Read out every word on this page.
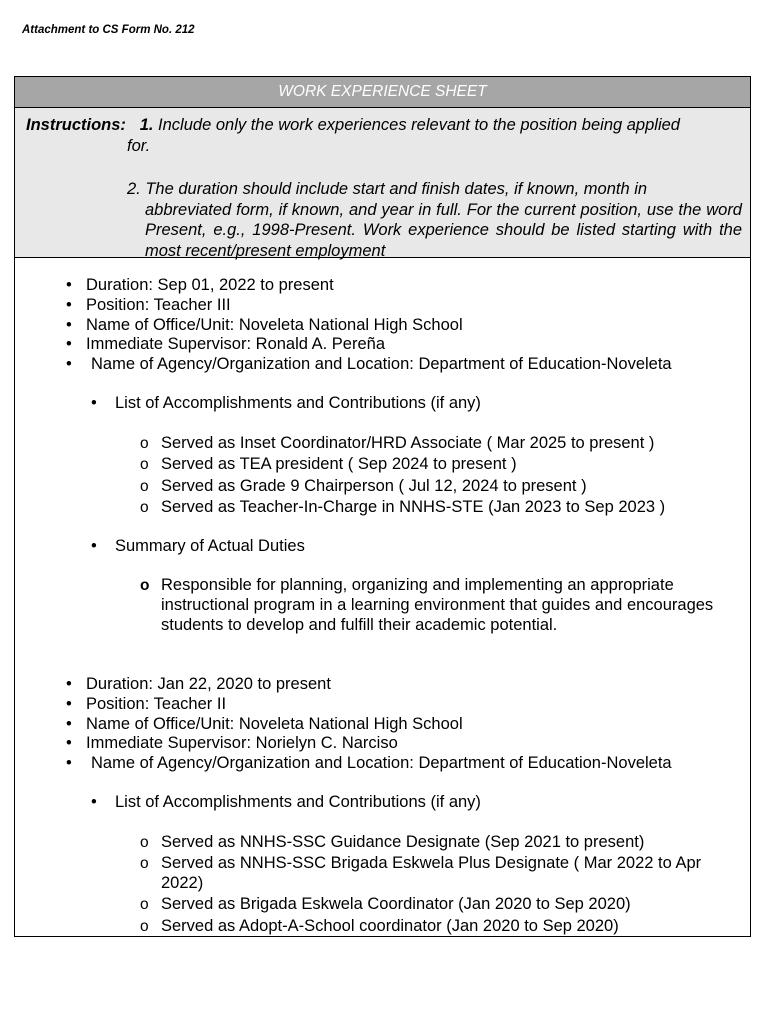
Attachment to CS Form No. 212
WORK EXPERIENCE SHEET
Instructions: 1. Include only the work experiences relevant to the position being applied
for.
2. The duration should include start and finish dates, if known, month in
abbreviated form, if known, and year in full. For the current position, use the word Present, e.g., 1998-Present. Work experience should be listed starting with the most recent/present employment
• Duration: Sep 01, 2022 to present
• Position: Teacher III
• Name of Office/Unit: Noveleta National High School
• Immediate Supervisor: Ronald A. Pereña
• Name of Agency/Organization and Location: Department of Education-Noveleta
• List of Accomplishments and Contributions (if any)
o Served as Inset Coordinator/HRD Associate ( Mar 2025 to present )
o Served as TEA president ( Sep 2024 to present )
o Served as Grade 9 Chairperson ( Jul 12, 2024 to present )
o Served as Teacher-In-Charge in NNHS-STE (Jan 2023 to Sep 2023 )
• Summary of Actual Duties
o Responsible for planning, organizing and implementing an appropriate instructional program in a learning environment that guides and encourages students to develop and fulfill their academic potential.
• Duration: Jan 22, 2020 to present
• Position: Teacher II
• Name of Office/Unit: Noveleta National High School
• Immediate Supervisor: Norielyn C. Narciso
• Name of Agency/Organization and Location: Department of Education-Noveleta
• List of Accomplishments and Contributions (if any)
o Served as NNHS-SSC Guidance Designate (Sep 2021 to present)
o Served as NNHS-SSC Brigada Eskwela Plus Designate ( Mar 2022 to Apr 2022)
o Served as Brigada Eskwela Coordinator (Jan 2020 to Sep 2020)
o Served as Adopt-A-School coordinator (Jan 2020 to Sep 2020)
